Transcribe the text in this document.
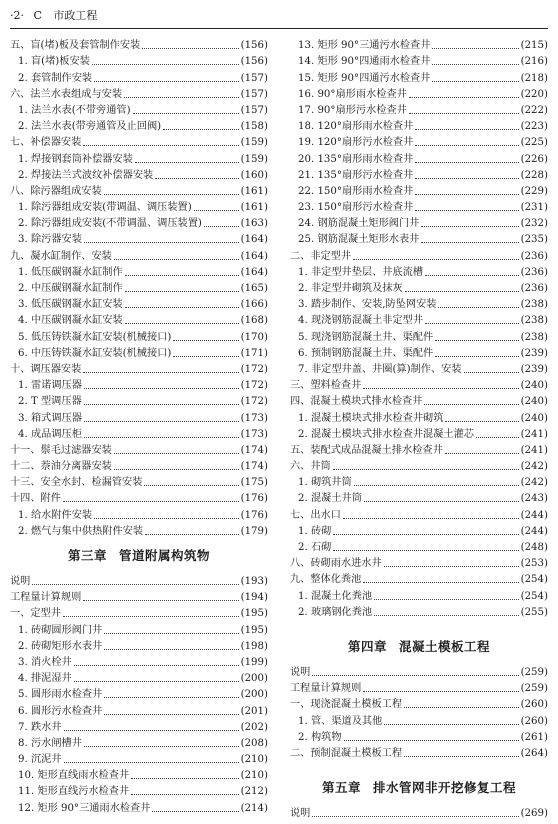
·2· C 市政工程
五、盲(堵)板及套管制作安装	(156)
1. 盲(堵)板安装	(156)
2. 套管制作安装	(157)
六、法兰水表组成与安装	(157)
1. 法兰水表(不带旁通管)	(157)
2. 法兰水表(带旁通管及止回阀)	(158)
七、补偿器安装	(159)
1. 焊接钢套筒补偿器安装	(159)
2. 焊接法兰式波纹补偿器安装	(160)
八、除污器组成安装	(161)
1. 除污器组成安装(带调温、调压装置)	(161)
2. 除污器组成安装(不带调温、调压装置)	(163)
3. 除污器安装	(164)
九、凝水缸制作、安装	(164)
1. 低压碳钢凝水缸制作	(164)
2. 中压碳钢凝水缸制作	(165)
3. 低压碳钢凝水缸安装	(166)
4. 中压碳钢凝水缸安装	(168)
5. 低压铸铁凝水缸安装(机械接口)	(170)
6. 中压铸铁凝水缸安装(机械接口)	(171)
十、调压器安装	(172)
1. 雷诺调压器	(172)
2. T 型调压器	(172)
3. 箱式调压器	(173)
4. 成品调压柜	(173)
十一、鬃毛过滤器安装	(174)
十二、萘油分离器安装	(174)
十三、安全水封、检漏管安装	(175)
十四、附件	(176)
1. 给水附件安装	(176)
2. 燃气与集中供热附件安装	(179)
第三章 管道附属构筑物
说明	(193)
工程量计算规则	(194)
一、定型井	(195)
1. 砖砌圆形阀门井	(195)
2. 砖砌矩形水表井	(198)
3. 消火栓井	(199)
4. 排泥湿井	(200)
5. 圆形雨水检查井	(200)
6. 圆形污水检查井	(201)
7. 跌水井	(202)
8. 污水闸槽井	(208)
9. 沉泥井	(210)
10. 矩形直线雨水检查井	(210)
11. 矩形直线污水检查井	(212)
12. 矩形 90°三通雨水检查井	(214)
13. 矩形 90°三通污水检查井	(215)
14. 矩形 90°四通雨水检查井	(216)
15. 矩形 90°四通污水检查井	(218)
16. 90°扇形雨水检查井	(220)
17. 90°扇形污水检查井	(222)
18. 120°扇形雨水检查井	(223)
19. 120°扇形污水检查井	(225)
20. 135°扇形雨水检查井	(226)
21. 135°扇形污水检查井	(228)
22. 150°扇形雨水检查井	(229)
23. 150°扇形污水检查井	(231)
24. 钢筋混凝土矩形阀门井	(232)
25. 钢筋混凝土矩形水表井	(235)
二、非定型井	(236)
1. 非定型井垫层、井底流槽	(236)
2. 非定型井砌筑及抹灰	(236)
3. 踏步制作、安装,防坠网安装	(238)
4. 现浇钢筋混凝土非定型井	(238)
5. 现浇钢筋混凝土井、渠配件	(238)
6. 预制钢筋混凝土井、渠配件	(239)
7. 非定型井盖、井圈(算)制作、安装	(239)
三、塑料检查井	(240)
四、混凝土模块式排水检查井	(240)
1. 混凝土模块式排水检查井砌筑	(240)
2. 混凝土模块式排水检查井混凝土灌芯	(241)
五、装配式成品混凝土排水检查井	(241)
六、井筒	(242)
1. 砌筑井筒	(242)
2. 混凝土井筒	(243)
七、出水口	(244)
1. 砖砌	(244)
2. 石砌	(248)
八、砖砌雨水进水井	(253)
九、整体化粪池	(254)
1. 混凝土化粪池	(254)
2. 玻璃钢化粪池	(255)
第四章 混凝土模板工程
说明	(259)
工程量计算规则	(259)
一、现浇混凝土模板工程	(260)
1. 管、渠道及其他	(260)
2. 构筑物	(261)
二、预制混凝土模板工程	(264)
第五章 排水管网非开挖修复工程
说明	(269)
